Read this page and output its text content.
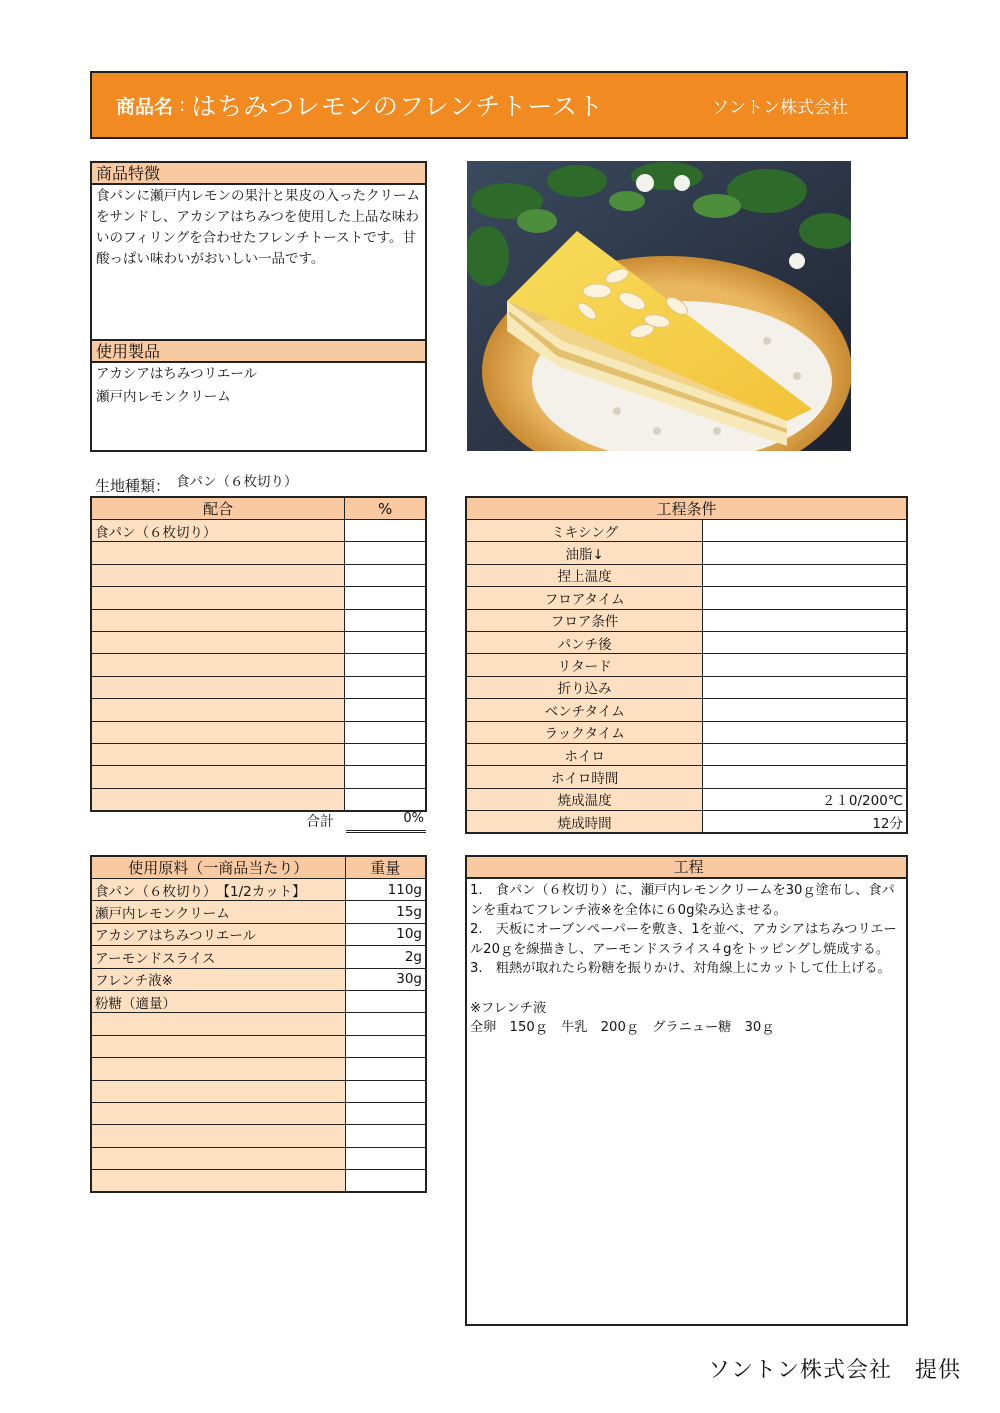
商品名 : はちみつレモンのフレンチトースト	ソントン株式会社
商品特徴
食パンに瀬戸内レモンの果汁と果皮の入ったクリームをサンドし、アカシアはちみつを使用した上品な味わいのフィリングを合わせたフレンチトーストです。甘酸っぱい味わいがおいしい一品です。
使用製品
アカシアはちみつリエール
瀬戸内レモンクリーム
生地種類： 食パン（６枚切り）
配合	%
食パン（６枚切り）	

合計	0%
工程条件	
ミキシング	
油脂↓	
捏上温度	
フロアタイム	
フロア条件	
パンチ後	
リタード	
折り込み	
ベンチタイム	
ラックタイム	
ホイロ	
ホイロ時間	
焼成温度	２１0/200℃
焼成時間	12分
使用原料（一商品当たり）	重量
食パン（６枚切り）　【1/2カット】	110g
瀬戸内レモンクリーム	15g
アカシアはちみつリエール	10g
アーモンドスライス	2g
フレンチ液※	30g
粉糖（適量）	

工程
1.　食パン（６枚切り）に、瀬戸内レモンクリームを30ｇ塗布し、食パンを重ねてフレンチ液※を全体に６0g染み込ませる。
2.　天板にオーブンペーパーを敷き、1を並べ、アカシアはちみつリエール20ｇを線描きし、アーモンドスライス４gをトッピングし焼成する。
3.　粗熱が取れたら粉糖を振りかけ、対角線上にカットして仕上げる。

※フレンチ液
全卵　150ｇ　牛乳　200ｇ　グラニュー糖　30ｇ
ソントン株式会社　提供
